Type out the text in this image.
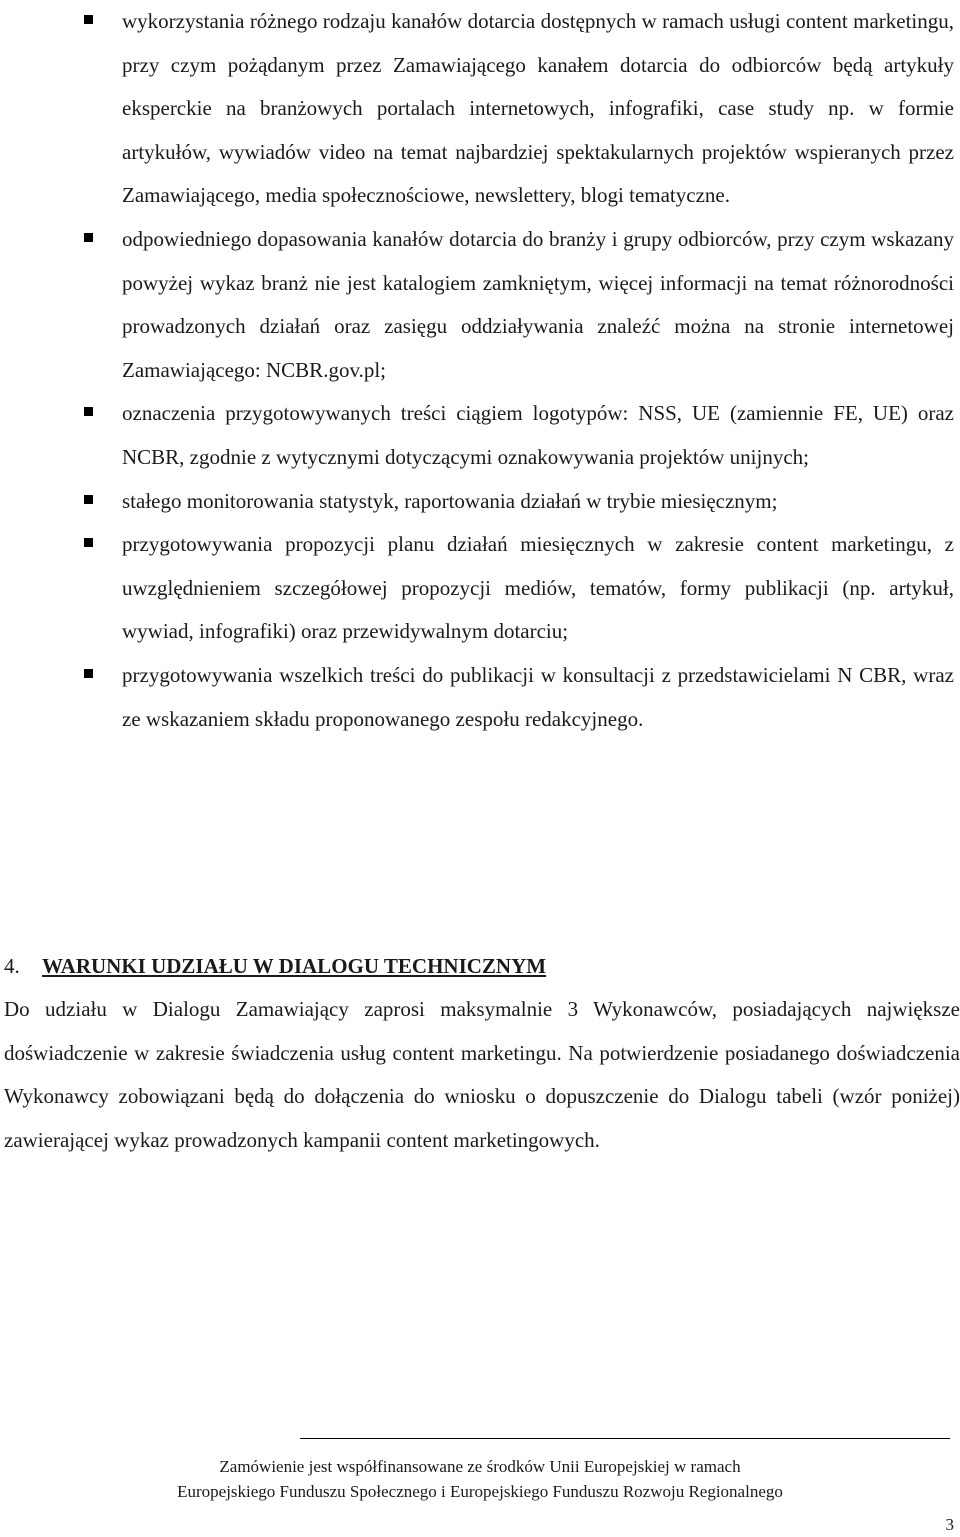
wykorzystania różnego rodzaju kanałów dotarcia dostępnych w ramach usługi content marketingu, przy czym pożądanym przez Zamawiającego kanałem dotarcia do odbiorców będą artykuły eksperckie na branżowych portalach internetowych, infografiki, case study np. w formie artykułów, wywiadów video na temat najbardziej spektakularnych projektów wspieranych przez Zamawiającego, media społecznościowe, newslettery, blogi tematyczne.
odpowiedniego dopasowania kanałów dotarcia do branży i grupy odbiorców, przy czym wskazany powyżej wykaz branż nie jest katalogiem zamkniętym, więcej informacji na temat różnorodności prowadzonych działań oraz zasięgu oddziaływania znaleźć można na stronie internetowej Zamawiającego: NCBR.gov.pl;
oznaczenia przygotowywanych treści ciągiem logotypów: NSS, UE (zamiennie FE, UE) oraz NCBR, zgodnie z wytycznymi dotyczącymi oznakowywania projektów unijnych;
stałego monitorowania statystyk, raportowania działań w trybie miesięcznym;
przygotowywania propozycji planu działań miesięcznych w zakresie content marketingu, z uwzględnieniem szczegółowej propozycji mediów, tematów, formy publikacji (np. artykuł, wywiad, infografiki) oraz przewidywalnym dotarciu;
przygotowywania wszelkich treści do publikacji w konsultacji z przedstawicielami N CBR, wraz ze wskazaniem składu proponowanego zespołu redakcyjnego.
4. WARUNKI UDZIAŁU W DIALOGU TECHNICZNYM

Do udziału w Dialogu Zamawiający zaprosi maksymalnie 3 Wykonawców, posiadających największe doświadczenie w zakresie świadczenia usług content marketingu. Na potwierdzenie posiadanego doświadczenia Wykonawcy zobowiązani będą do dołączenia do wniosku o dopuszczenie do Dialogu tabeli (wzór poniżej) zawierającej wykaz prowadzonych kampanii content marketingowych.

Zamówienie jest współfinansowane ze środków Unii Europejskiej w ramach
Europejskiego Funduszu Społecznego i Europejskiego Funduszu Rozwoju Regionalnego
3
